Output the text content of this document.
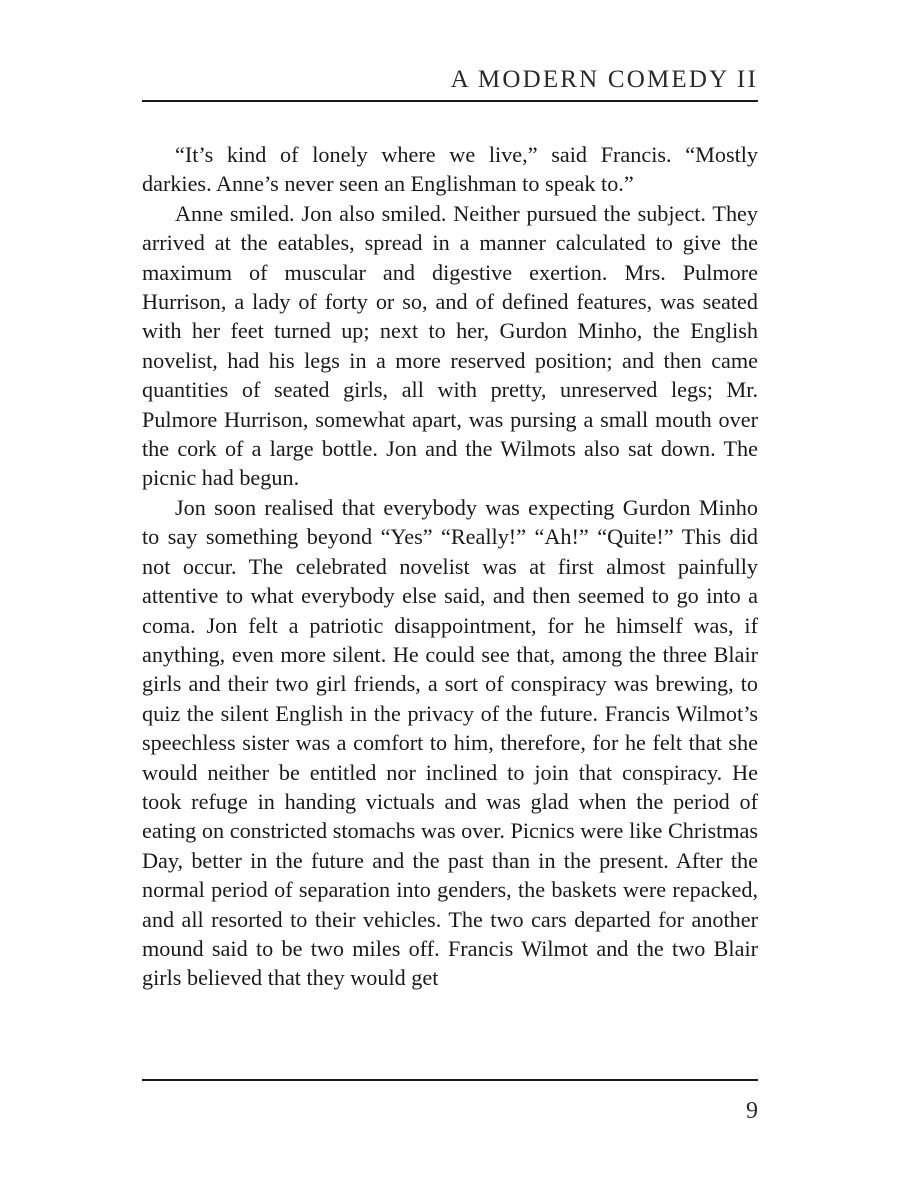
A MODERN COMEDY II

“It’s kind of lonely where we live,” said Francis. “Mostly darkies. Anne’s never seen an Englishman to speak to.”

Anne smiled. Jon also smiled. Neither pursued the subject. They arrived at the eatables, spread in a manner calculated to give the maximum of muscular and digestive exertion. Mrs. Pulmore Hurrison, a lady of forty or so, and of defined features, was seated with her feet turned up; next to her, Gurdon Minho, the English novelist, had his legs in a more reserved position; and then came quantities of seated girls, all with pretty, unreserved legs; Mr. Pulmore Hurrison, somewhat apart, was pursing a small mouth over the cork of a large bottle. Jon and the Wilmots also sat down. The picnic had begun.

Jon soon realised that everybody was expecting Gurdon Minho to say something beyond “Yes” “Really!” “Ah!” “Quite!” This did not occur. The celebrated novelist was at first almost painfully attentive to what everybody else said, and then seemed to go into a coma. Jon felt a patriotic disappointment, for he himself was, if anything, even more silent. He could see that, among the three Blair girls and their two girl friends, a sort of conspiracy was brewing, to quiz the silent English in the privacy of the future. Francis Wilmot’s speechless sister was a comfort to him, therefore, for he felt that she would neither be entitled nor inclined to join that conspiracy. He took refuge in handing victuals and was glad when the period of eating on constricted stomachs was over. Picnics were like Christmas Day, better in the future and the past than in the present. After the normal period of separation into genders, the baskets were repacked, and all resorted to their vehicles. The two cars departed for another mound said to be two miles off. Francis Wilmot and the two Blair girls believed that they would get

9
